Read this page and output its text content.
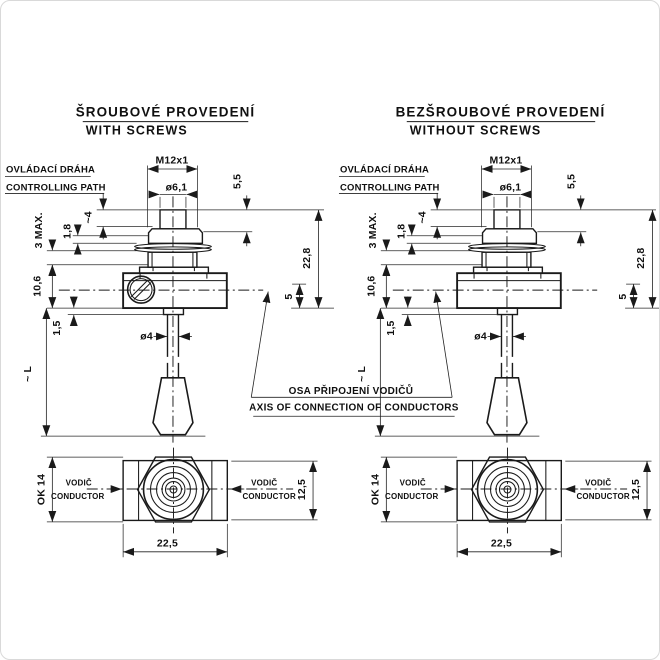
ŠROUBOVÉ PROVEDENÍ
WITH SCREWS
BEZŠROUBOVÉ PROVEDENÍ
WITHOUT SCREWS
OVLÁDACÍ DRÁHA
CONTROLLING PATH
OVLÁDACÍ DRÁHA
CONTROLLING PATH
OSA PŘIPOJENÍ VODIČŮ
AXIS OF CONNECTION OF CONDUCTORS
M12x1
ø6,1	5,5
~4
1,8
3 MAX.
10,6
1,5
~ L
ø4
5
22,8
M12x1
ø6,1	5,5
~4
1,8
3 MAX.
10,6
1,5
~ L
ø4
5
22,8
VODIČ
CONDUCTOR
VODIČ
CONDUCTOR
OK 14	12,5
22,5
VODIČ
CONDUCTOR
VODIČ
CONDUCTOR
OK 14	12,5
22,5
